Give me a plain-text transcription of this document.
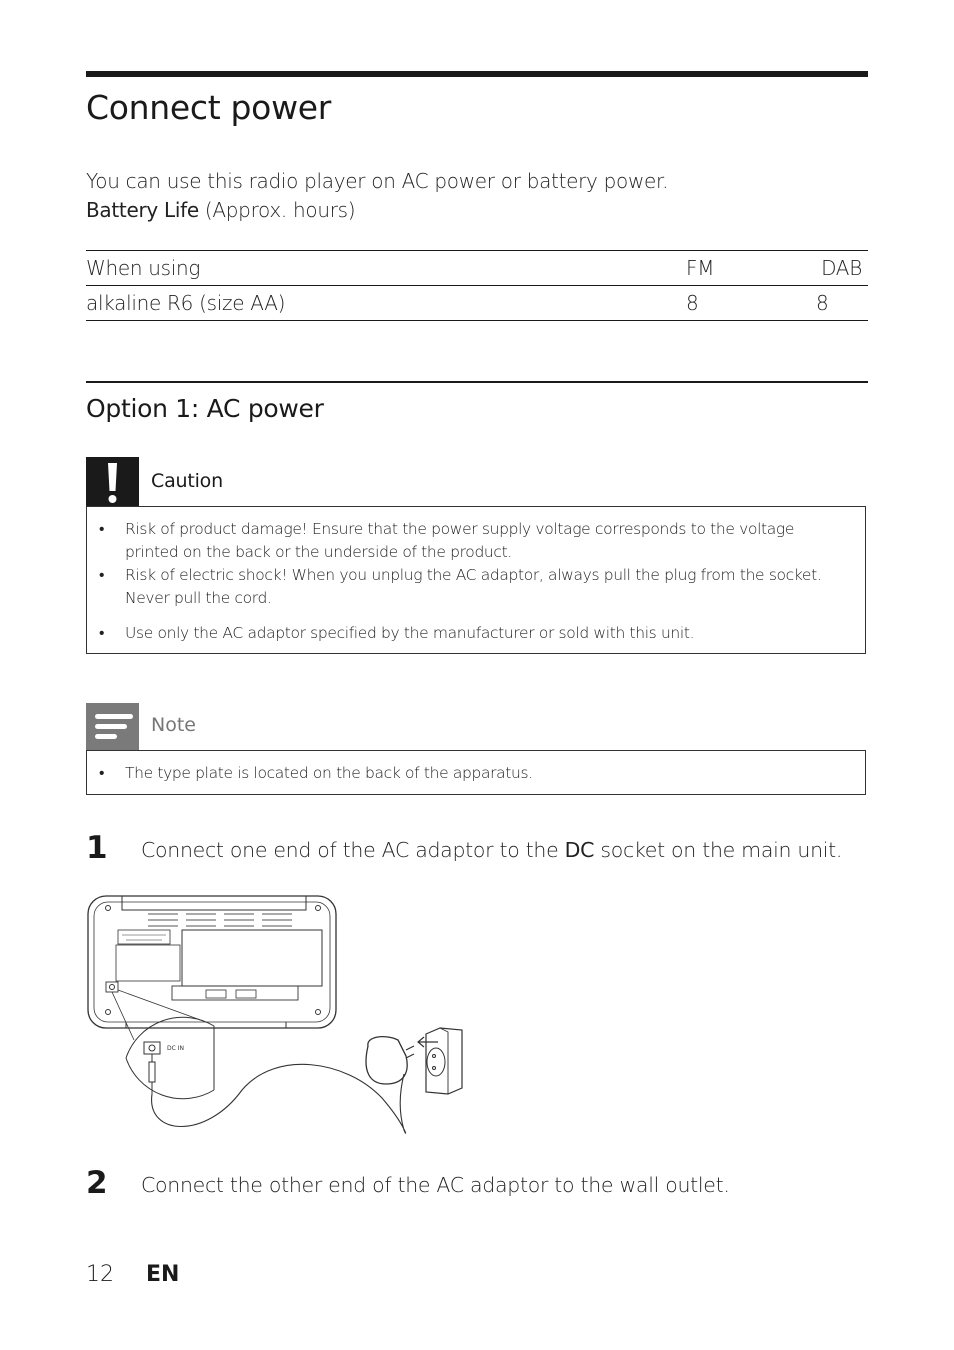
Connect power
You can use this radio player on AC power or battery power.
Battery Life (Approx. hours)
When using	FM	DAB
alkaline R6 (size AA)	8	8
Option 1: AC power
Caution
• Risk of product damage! Ensure that the power supply voltage corresponds to the voltage printed on the back or the underside of the product.
• Risk of electric shock! When you unplug the AC adaptor, always pull the plug from the socket. Never pull the cord.
• Use only the AC adaptor specified by the manufacturer or sold with this unit.
Note
• The type plate is located on the back of the apparatus.
1 Connect one end of the AC adaptor to the DC socket on the main unit.
DC IN
2 Connect the other end of the AC adaptor to the wall outlet.
12 EN
